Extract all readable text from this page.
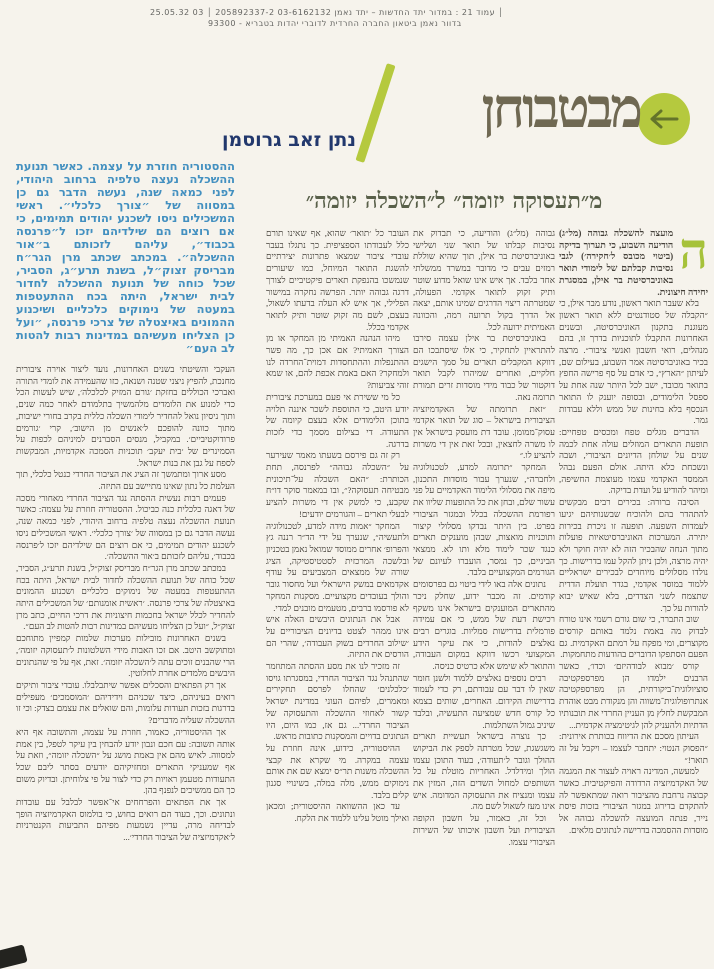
25.05.32 03 │ עמוד 21 : במדור יתד החדשות – יתד נאמן 03-6162132 205892337-2 │
93300 - בדוור נאמן ביטאון החברה החרדית לדוברי יהדות בטבריא
מבטבוחן
נתן זאב גרוסמן
מ״תעסוקה יזומה״ ל״השכלה יזומה״
ה

מועצה להשכלה גבוהה (מל״ג) הודיעה השבוע, כי תערוך בדיקה (ביטוי מכובס ל׳חקירה׳) לגבי נסיבות קבלתם של לימודי תואר באוניברסיטת בר אילן, במסגרת יחידה חיצונית.

בלא שעבר תואר ראשון, נודע מבר אילן, כי ״הקבלה של סטודנטים ללא תואר ראשון מעוגנת בתקנון האוניברסיטה, ובשנים האחרונות התקבלו לתוכניות בדרך זו, בהם מנהלים, רואי חשבון ואנשי ציבור״. מרצה בכיר באוניברסיטה אמר השבוע, בעילום שם, לעיתון ״הארץ״, כי אדם על סף פרישה החפץ בתואר מכובד, ישב לכל היותר שנה אחת על ספסל הלימודים, ובסופה יוענק לו התואר הנכסף בלא בחינות של ממש וללא עבודות גמר.

הדברים מגלים טפח ומכסים טפחיים: תופעת התארים המוזלים עולה אחת לכמה שנים על שולחן הדיונים הציבורי, ושבה ונשכחת כלא היתה. אולם הפעם נבהל הממסד האקדמי עצמו מעוצמת החשיפה, ומיהר להודיע על ועדת בדיקה.

הסיבה ברורה: בכירים רבים מבקשים להתהדר בהם ולהוכיח שבשנותיהם יגיעו לעמדות השפעה. תופעה זו ניכרת בכירות יתירה. המערכות האוניברסיטאיות פועלות מתוך הנחה שהבכיר הזה לא יהיה חוקר ולא יהיה מרצה, ולכן ניתן להקל עמו בדרישות. כך נולדו מסלולים מיוחדים לבכירים ישראליים ללמוד במוסד אקדמי, בגדר תועלת הדדית שתצמח לשני הצדדים, בלא שאיש יבוא להורות על כך.

שוב התברר, כי שום גורם רשמי אינו טורח לבדוק מה באמת נלמד באותם קורסים מקוצרים, ומי מפקח על רמתם האקדמית. גם הפעם הסתפקו הדוברים בהודעות מתחמקות.

קורס ׳מבוא לבודהיזם׳ וכדו׳, כאשר הרבנים ילמדו הן מפרספקטיבה סוציולוגית־ביקורתית, הן מפרספקטיבה אנתרופולוגית־משווה והן מנקודת מבט אוהדת המבקשת לחלץ מן העניין החרדי את תובנותיו הדתיות ולהעניק להן לגיטימציה אקדמית...

העיתון מסכם את הדיווח בכותרת אירונית: ״הפסוק הנטוי: יתחבר לעצמו – ויקבל על זה תואר!״

למעשה, המדינה ראויה לעצור את המגמה של האקדמיזציה הרדודה והפיקטיבית. כאשר קבוצה נרחבת מהציבור רואה שמתאפשר לה להתקדם בדירוג במגזר הציבורי בזכות פיסת נייר, פנתה המועצה להשכלה גבוהה אל מוסדות ההסמכה בדרישה לנתונים מלאים.

גבוהה (מל״ג) והודיעה, כי תבדוק את נסיבות קבלתו של תואר שני ושלישי באוניברסיטת בר אילן, תוך שהיא שוללת רמזים עבים כי מדובר במשרד ממשלתי אחד בלבד. אך איש אינו שואל מדוע שוטר ותיק זקוק לתואר אקדמי. הפעולה, שמטרתה ריצוי הדרגים שמינו אותם, יצאה אל הדרך בקול תרועה רמה, והכוונה האמיתית ידועה לכל.

באוניברסיטת בר אילן עצמה סירבו להתראיין לתחקיר, כי אלו שיסתבכו הם דווקא המקבלים תארים על סמך הישגים חלקיים, ואחרים שמיהרו לקבל תואר דוקטור של כבוד מידי מוסדות זרים תמורת תרומה נאה.

״זאת תרומתה של האקדמיזציה הציבורית בישראל – סוג של תואר אקדמי עסוק־ממומן. עובד דת מועסק בישראל אין לו משרה לחצאין, ובכל זאת אין די משרות להציע לו.״

המחקר ״תרומה למדע, לטכנולוגיה ולחברה״, שנערך עבור מוסדות התכנון, מיפה את מסלולי הלימוד האקדמיים על פני עשור שלם, ובחן את כל התופעות שליוו את רפורמת ההשכלה בכלל ובמגזר הציבורי בפרט. בין היתר נבדקו מסלולי קיצור ותוכניות מואצות, שבהן מוענקים תארים כנגד שכר לימוד מלא ותו לא. ממצאי הביניים, כך נמסר, הועברו לעיונם של הגורמים המקצועיים בלבד.

נתונים אלה באו לידי ביטוי גם בפרסומים קודמים. זה מכבר ידוע, שחלק ניכר מהתארים המוענקים בישראל אינו משקף רכישת דעת של ממש, כי אם עמידה פורמלית בדרישות סמליות. בוגרים רבים נאלצים להודות, כי את עיקר הידע המקצועי רכשו דווקא במקום העבודה, והתואר לא שימש אלא כרטיס כניסה.

רבים נוספים נאלצים ללמוד ולשנן חומר שאין לו דבר עם עבודתם, רק כדי לעמוד בדרישות הקידום. האחרים, שותים בצמא כל קורס חדש שמציעה התעשיה, ובלבד שיניב גמול השתלמות.

כך נוצרה בישראל תעשיית תארים משגשגת, שכל מטרתה לספק את הביקוש ההולך וגובר ל׳תעודה׳, בעוד התוכן עצמו הולך ומידלדל. האחריות מוטלת על כל השותפים למחול השדים הזה, המזין את עצמו ומנציח את התעסוקה המדומה. איש אינו מעז לשאול לשם מה.

וכל זה, כאמור, על חשבון הקופה הציבורית ועל חשבון איכותו של השירות הציבורי עצמו.

העובר כל ׳תואר׳ שהוא, אף שאינו תורם כלל לעבודתו הספציפית. כך נתגלו בעבר עובדי ציבור שמצאו פתרונות יצירתיים להשגת התואר המיוחל, כמו שיעורים שנמשכו בהנפקת תארים פיקטיביים לצורך דרגה גבוהה יותר. הפרשה נחקרה במישור הפלילי, אך איש לא העלה בדעתו לשאול, בעצם, לשם מה זקוק שוטר ותיק לתואר אקדמי בכלל.

מיהו הנהנה האמיתי מן המחקר או מן הצורך האמיתי? אם אכן כך, מה פשר ההתנפלות וההתחסדות דמוית־החרדה לנו ולמחקר? האם באמת אכפת להם, או שמא זוהי צביעות?

כל מי ששירת אי פעם במערכת ציבורית יודע היטב, כי התוספת לשכר איננה תלויה בתוכן הלימודים אלא בעצם קיומה של התעודה. די בצילום מסמך כדי לזכות בדרגה.

רק זה גם פירסם בשעתו מאמר שעירער על ״השכלה גבוהה״ לפרנסה, תחת הכותרת: ״האם השכלה על־תיכונית מבטיחה תעסוקה?״, ובו במאמר סוקר דו״ח שקבע, כי למשק אין די משרות להציע לבעלי תארים – והגורמים יודעים!

המחקר ״אמות מידה למדע, לטכנולוגיה ולתעשיה״, שנערך על ידי הד״ר רננה גץ והפרופ׳ אחרים ממוסד שמואל נאמן בטכניון ובלשכה המרכזית לסטטיסטיקה, הציג שורה של ממצאים המצביעים על עודף אקדמאים במשק הישראלי ועל מחסור גובר והולך בעובדים מקצועיים. מסקנות המחקר לא פורסמו ברבים, מטעמים מובנים למדי.

אבל את הנתונים היבשים האלה איש אינו ממהר לצטט בדיונים הציבוריים על ׳שילוב החרדים בשוק העבודה׳, שהרי הם הורסים את התיזה.

זה מזכיר לנו את מסע ההסתה המתוזמר שהתנהל נגד הציבור החרדי, במסגרתו גויסו ׳כלכלנים׳ שהחלו לפרסם תחקירים ומאמרים, לפיהם העוני במדינת ישראל קשור לאחוזי ההשכלה והתעסוקה של הציבור החרדי... גם אז, כמו היום, היו הנתונים בדויים והמסקנות כתובות מראש.

ההיסטוריה, כידוע, אינה חוזרת על עצמה במקרה. מי שקרא את קבצי ההשכלה משנות תר״ס ימצא שם את אותם נימוקים ממש, מלה במלה, בשינויי סגנון קלים בלבד.

עד כאן ההשוואה ההיסטורית; ומכאן ואילך מוטל עלינו ללמוד את הלקח.

ההסטוריה חוזרת על עצמה. כאשר תנועת ההשכלה נעצה טלפיה ברחוב היהודי, לפני כמאה שנה, נעשה הדבר גם כן במסווה של ״צורך כלכלי״. ראשי המשכילים ניסו לשכנע יהודים תמימים, כי אם רוצים הם שילדיהם יזכו ל״פרנסה בכבוד״, עליהם לזכותם ב״אור ההשכלה״. במכתב שכתב מרן הגר״ח מבריסק זצוק״ל, בשנת תרע״ג, הסביר, שכל כוחה של תנועת ההשכלה לחדור לבית ישראל, היתה בכח ההתעטפות במעטה של נימוקים כלכליים ושיכנוע ההמונים באיצטלה של צרכי פרנסה, ״ועל כן הצליחו מעשיהם במדינות רבות להטות לב העם״

העקבי והשיטתי בשנים האחרונות, נועד ליצור אוירה ציבורית מחנכת, להפיץ ניצני שטנה ושנאה, כזו שהעמידה את לומדי התורה ואברכי הכוללים בחזקת ׳גורם המזיק לכלכלה׳, שיש לעשות הכל כדי למנוע את הלומדים מלהמשיך בתלמודם לאחר כמה שנים, ותוך ניסיון נואל להחדיר לימודי השכלה כללית בקרב בחורי ישיבות, מתוך כוונה להופכם ל׳אנשים מן הישוב׳, קרי ׳גורמים פרודוקטיביים׳. במקביל, מנסים הסברנים למיניהם לכפות על הסמינרים של ׳בית יעקב׳ תוכניות הסמכה אקדמיות, המבקשות לספח על גבן את בנות ישראל.

מסע ארוך ומתמשך זה הציג את הציבור החרדי כנטל כלכלי, תוך העלמת כל נתון שאינו מתיישב עם התיזה.

פעמים רבות נעשית ההסתה נגד הציבור החרדי מאחורי מסכה של דאגה כלכלית כנה כביכול. ההסטוריה חוזרת על עצמה: כאשר תנועת ההשכלה נעצה טלפיה ברחוב היהודי, לפני כמאה שנה, נעשה הדבר גם כן במסווה של ׳צורך כלכלי׳. ראשי המשכילים ניסו לשכנע יהודים תמימים, כי אם רוצים הם שילדיהם יזכו ל׳פרנסה בכבוד׳, עליהם לזכותם ב׳אור ההשכלה׳.

במכתב שכתב מרן הגר״ח מבריסק זצוק״ל, בשנת תרע״ג, הסביר, שכל כוחה של תנועת ההשכלה לחדור לבית ישראל, היתה בכח ההתעטפות במעטה של נימוקים כלכליים ושכנוע ההמונים באיצטלה של צרכי פרנסה. ׳ראשית אומנותם׳ של המשכילים היתה להחדיר לכלל ישראל בחכמות חיצוניות את דרכי החיים, כתב מרן זצוק״ל, ״ועל כן הצליחו מעשיהם במדינות רבות להטות לב העם״.

בשנים האחרונות מובילות מערכות שלמות קמפיין מתוחכם ומתוקשב היטב. אם זכו האבות מידי השלטונות ל׳תעסוקה יזומה׳, הרי שהבנים זוכים עתה ל׳השכלה יזומה׳. זאת, אף על פי שהנתונים היבשים מלמדים אחרת לחלוטין.

אך רק הפתאים והסכלים אפשר שיתבלבלו. עובדי ציבור ותיקים רואים בעיניהם, כיצד שכניהם וידידיהם ׳המוסמכים׳ מעפילים בדרגות בזכות תעודות עלומות, והם שואלים את עצמם בצדק: וכי זו ההשכלה שעליה מדברים?

אך ההיסטוריה, כאמור, חוזרת על עצמה, והתשובה אף היא אותה תשובה: עם חכם ונבון יודע להבחין בין עיקר לטפל, בין אמת למסווה. לאיש מהם אין באמת מושג על ״השכלה יזומה״, וזאת על אף שמעניקי התארים ומחזיקיהם יודעים בסתר ליבם שכל התעודות מטעמן ראויות רק כדי לצור על פי צלוחיתן. ובדיוק משום כך הם ממשיכים לנפנף בהן.

אך את הפתאים והפרחחים אי־אפשר לבלבל עם עובדות ונתונים. וכך, בעוד הם רואים בחוש, כי בולמוס האקדמיזציה הופך לבדיחה מרה, עדיין נשמעות מפיהם התביעות הקנטרניות ל׳אקדמיזציה של הציבור החרדי׳...
